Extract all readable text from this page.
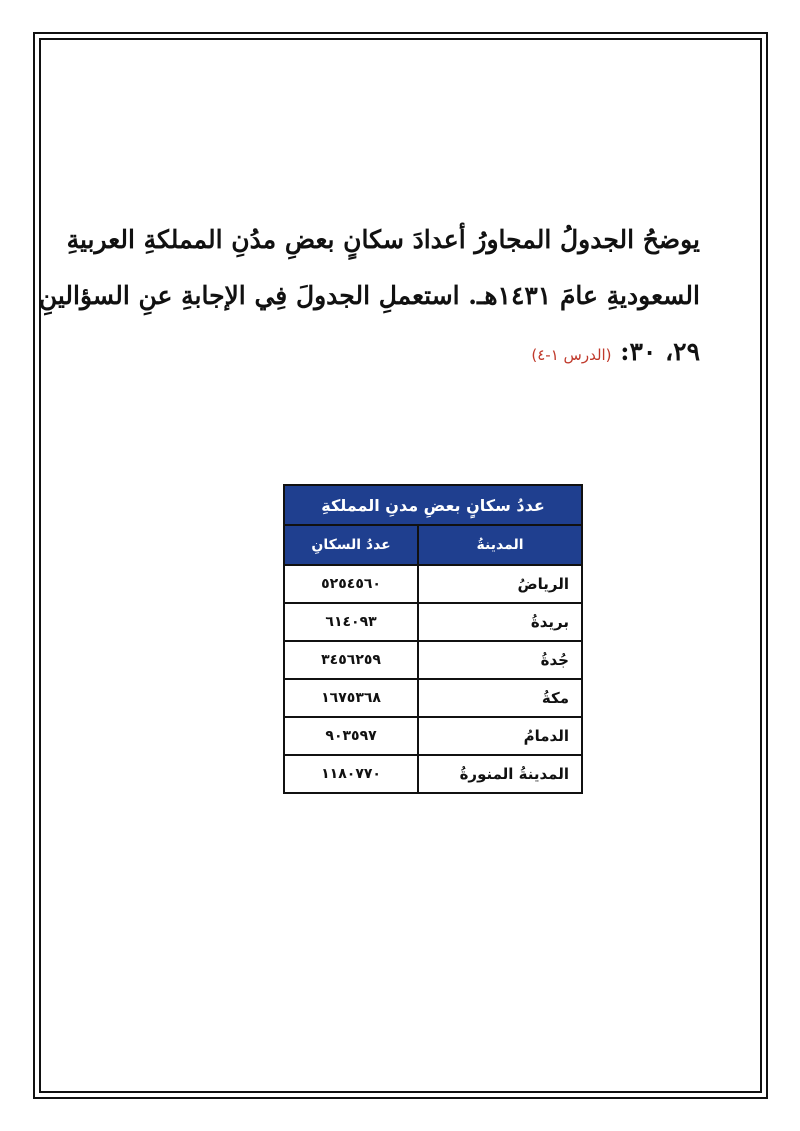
يوضحُ الجدولُ المجاورُ أعدادَ سكانٍ بعضِ مدُنِ المملكةِ العربيةِ
السعوديةِ عامَ ١٤٣١هـ. استعملِ الجدولَ فِي الإجابةِ عنِ السؤالينِ
٢٩، ٣٠: (الدرس ١-٤)
عددُ سكانٍ بعضِ مدنِ المملكةِ	
المدينةُ	عددُ السكانِ
الرياضُ	٥٢٥٤٥٦٠
بريدةُ	٦١٤٠٩٣
جُدةُ	٣٤٥٦٢٥٩
مكةُ	١٦٧٥٣٦٨
الدمامُ	٩٠٣٥٩٧
المدينةُ المنورةُ	١١٨٠٧٧٠
